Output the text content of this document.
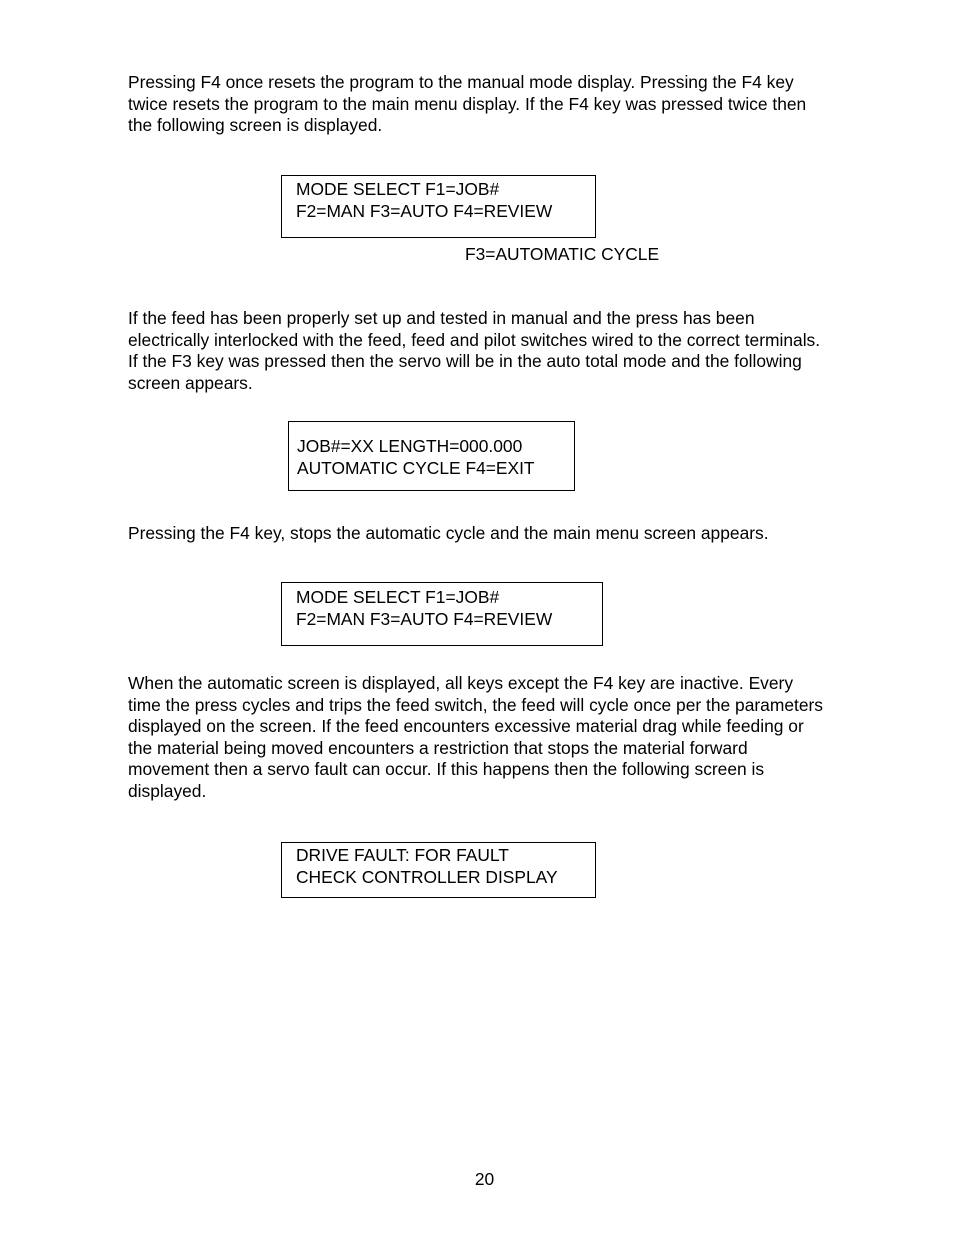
Pressing F4 once resets the program to the manual mode display. Pressing the F4 key
twice resets the program to the main menu display. If the F4 key was pressed twice then
the following screen is displayed.
MODE SELECT F1=JOB#
F2=MAN F3=AUTO F4=REVIEW
F3=AUTOMATIC CYCLE
If the feed has been properly set up and tested in manual and the press has been
electrically interlocked with the feed, feed and pilot switches wired to the correct terminals.
If the F3 key was pressed then the servo will be in the auto total mode and the following
screen appears.
JOB#=XX LENGTH=000.000
AUTOMATIC CYCLE F4=EXIT
Pressing the F4 key, stops the automatic cycle and the main menu screen appears.
MODE SELECT F1=JOB#
F2=MAN F3=AUTO F4=REVIEW
When the automatic screen is displayed, all keys except the F4 key are inactive. Every
time the press cycles and trips the feed switch, the feed will cycle once per the parameters
displayed on the screen. If the feed encounters excessive material drag while feeding or
the material being moved encounters a restriction that stops the material forward
movement then a servo fault can occur. If this happens then the following screen is
displayed.
DRIVE FAULT: FOR FAULT
CHECK CONTROLLER DISPLAY
20
